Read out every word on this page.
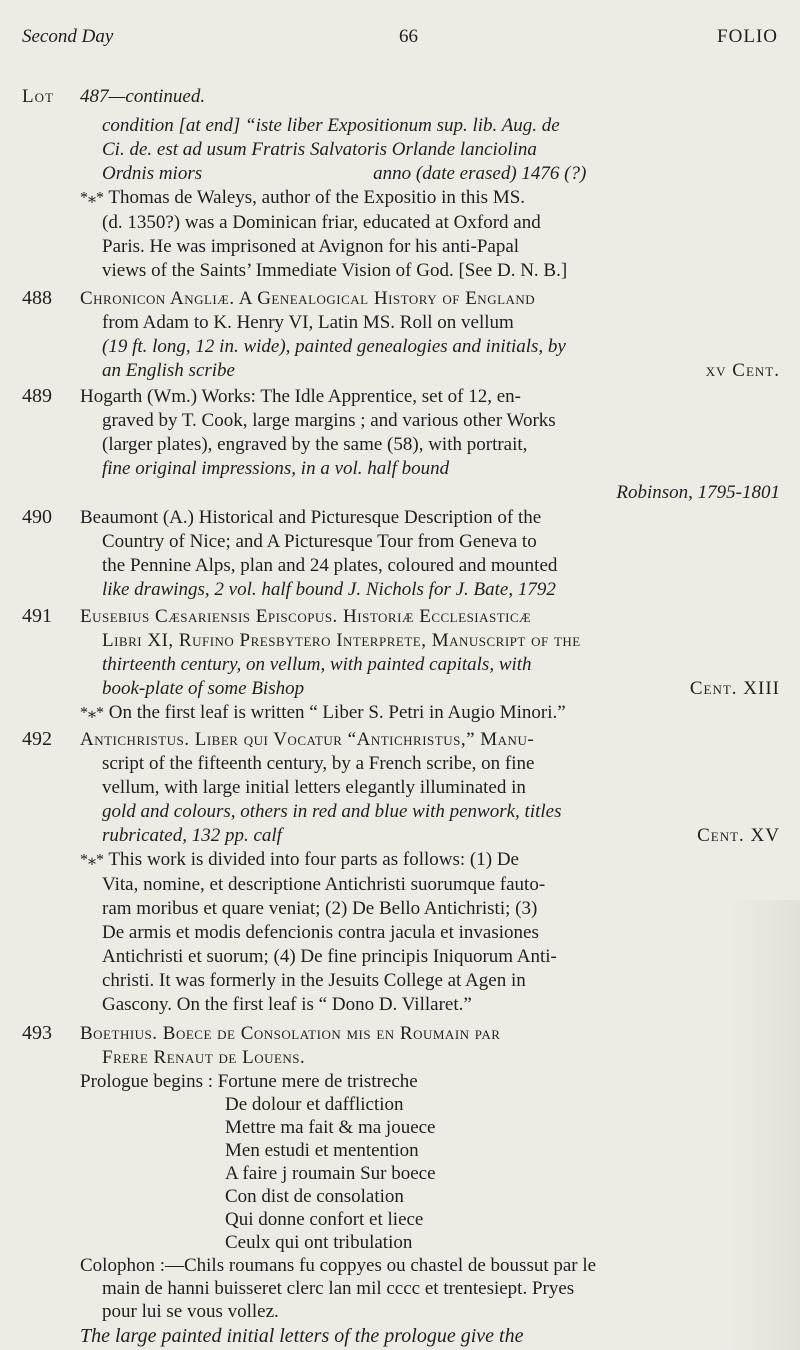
Second Day	66	FOLIO
Lot 487—continued.
condition [at end] “iste liber Expositionum sup. lib. Aug. de
Ci. de. est ad usum Fratris Salvatoris Orlande lanciolina
Ordnis miors                                    anno (date erased) 1476 (?)
*⁎* Thomas de Waleys, author of the Expositio in this MS.
(d. 1350?) was a Dominican friar, educated at Oxford and
Paris. He was imprisoned at Avignon for his anti-Papal
views of the Saints’ Immediate Vision of God. [See D. N. B.]
488 Chronicon Angliæ. A Genealogical History of England
from Adam to K. Henry VI, Latin MS. Roll on vellum
(19 ft. long, 12 in. wide), painted genealogies and initials, by
an English scribe	xv Cent.
489 Hogarth (Wm.) Works: The Idle Apprentice, set of 12, en-
graved by T. Cook, large margins ; and various other Works
(larger plates), engraved by the same (58), with portrait,
fine original impressions, in a vol. half bound
Robinson, 1795-1801
490 Beaumont (A.) Historical and Picturesque Description of the
Country of Nice; and A Picturesque Tour from Geneva to
the Pennine Alps, plan and 24 plates, coloured and mounted
like drawings, 2 vol. half bound J. Nichols for J. Bate, 1792
491 Eusebius Cæsariensis Episcopus. Historiæ Ecclesiasticæ
Libri XI, Rufino Presbytero Interprete, Manuscript of the
thirteenth century, on vellum, with painted capitals, with
book-plate of some Bishop	Cent. XIII
*⁎* On the first leaf is written “ Liber S. Petri in Augio Minori.”
492 Antichristus. Liber qui Vocatur “Antichristus,” Manu-
script of the fifteenth century, by a French scribe, on fine
vellum, with large initial letters elegantly illuminated in
gold and colours, others in red and blue with penwork, titles
rubricated, 132 pp. calf	Cent. XV
*⁎* This work is divided into four parts as follows: (1) De
Vita, nomine, et descriptione Antichristi suorumque fauto-
ram moribus et quare veniat; (2) De Bello Antichristi; (3)
De armis et modis defencionis contra jacula et invasiones
Antichristi et suorum; (4) De fine principis Iniquorum Anti-
christi. It was formerly in the Jesuits College at Agen in
Gascony. On the first leaf is “ Dono D. Villaret.”
493 Boethius. Boece de Consolation mis en Roumain par
Frere Renaut de Louens.
Prologue begins : Fortune mere de tristreche
De dolour et daffliction
Mettre ma fait & ma jouece
Men estudi et mentention
A faire j roumain Sur boece
Con dist de consolation
Qui donne confort et liece
Ceulx qui ont tribulation
Colophon :—Chils roumans fu coppyes ou chastel de boussut par le
main de hanni buisseret clerc lan mil cccc et trentesiept. Pryes
pour lui se vous vollez.
The large painted initial letters of the prologue give the
